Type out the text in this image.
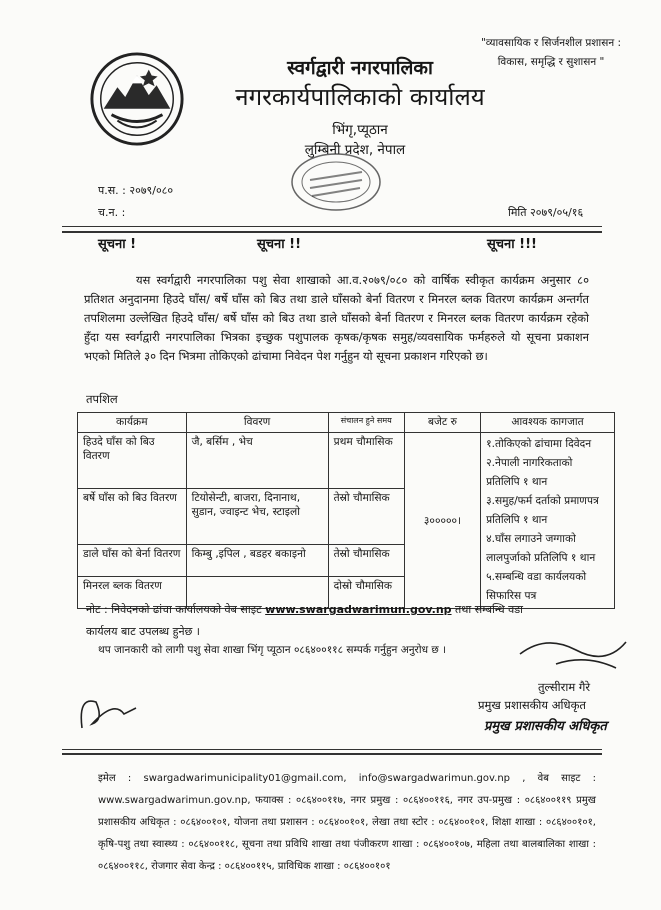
"व्यावसायिक र सिर्जनशील प्रशासन :
विकास, समृद्धि र सुशासन "
स्वर्गद्वारी नगरपालिका
नगरकार्यपालिकाको कार्यालय
भिंगृ,प्यूठान
लुम्बिनी प्रदेश, नेपाल
प.स. : २०७९/०८०
च.न. :	मिति २०७९/०५/१६
सूचना !	सूचना !!	सूचना !!!
यस स्वर्गद्वारी नगरपालिका पशु सेवा शाखाको आ.व.२०७९/०८० को वार्षिक स्वीकृत कार्यक्रम अनुसार ८० प्रतिशत अनुदानमा हिउदे घाँस/ बर्षे घाँस को बिउ तथा डाले घाँसको बेर्ना वितरण र मिनरल ब्लक वितरण कार्यक्रम अन्तर्गत तपशिलमा उल्लेखित हिउदे घाँस/ बर्षे घाँस को बिउ तथा डाले घाँसको बेर्ना वितरण र मिनरल ब्लक वितरण कार्यक्रम रहेको हुँदा यस स्वर्गद्वारी नगरपालिका भित्रका इच्छुक पशुपालक कृषक/कृषक समुह/व्यवसायिक फर्महरुले यो सूचना प्रकाशन भएको मितिले ३० दिन भित्रमा तोकिएको ढांचामा निवेदन पेश गर्नुहुन यो सूचना प्रकाशन गरिएको छ।
तपशिल
कार्यक्रम	विवरण	संचालन हुने समय	बजेट रु	आवश्यक कागजात
हिउदे घाँस को बिउ वितरण	जै, बर्सिम , भेच	प्रथम चौमासिक	३०००००।	१.तोकिएको ढांचामा दिवेदन
२.नेपाली नागरिकताको प्रतिलिपि १ थान
३.समुह/फर्म दर्ताको प्रमाणपत्र प्रतिलिपि १ थान
४.घाँस लगाउने जग्गाको लालपुर्जाको प्रतिलिपि १ थान
५.सम्बन्धि वडा कार्यलयको सिफारिस पत्र

बर्षे घाँस को बिउ वितरण	टियोसेन्टी, बाजरा, दिनानाथ, सुडान, ज्वाइन्ट भेच, स्टाइलो	तेस्रो चौमासिक		
डाले घाँस को बेर्ना वितरण	किम्बु ,इपिल , बडहर बकाइनो	तेस्रो चौमासिक		
मिनरल ब्लक वितरण		दोस्रो चौमासिक		
नोट : निवेदनको ढांचा कार्यालयको वेब साइट www.swargadwarimun.gov.np तथा सम्बन्धि वडा कार्यलय बाट उपलब्ध हुनेछ ।
थप जानकारी को लागी पशु सेवा शाखा भिंगृ प्यूठान ०८६४००११८ सम्पर्क गर्नुहुन अनुरोध छ ।
तुल्सीराम गैरे
प्रमुख प्रशासकीय अधिकृत
प्रमुख प्रशासकीय अधिकृत
इमेल : swargadwarimunicipality01@gmail.com, info@swargadwarimun.gov.np , वेब साइट : www.swargadwarimun.gov.np, फयाक्स : ०८६४००११७, नगर प्रमुख : ०८६४००११६, नगर उप-प्रमुख : ०८६४००११९ प्रमुख प्रशासकीय अधिकृत : ०८६४००१०१, योजना तथा प्रशासन : ०८६४००१०१, लेखा तथा स्टोर : ०८६४००१०१, शिक्षा शाखा : ०८६४००१०१, कृषि-पशु तथा स्वास्थ्य : ०८६४००११८, सूचना तथा प्रविधि शाखा तथा पंजीकरण शाखा : ०८६४००१०७, महिला तथा बालबालिका शाखा : ०८६४००११८, रोजगार सेवा केन्द्र : ०८६४००११५, प्राविधिक शाखा : ०८६४००१०१
